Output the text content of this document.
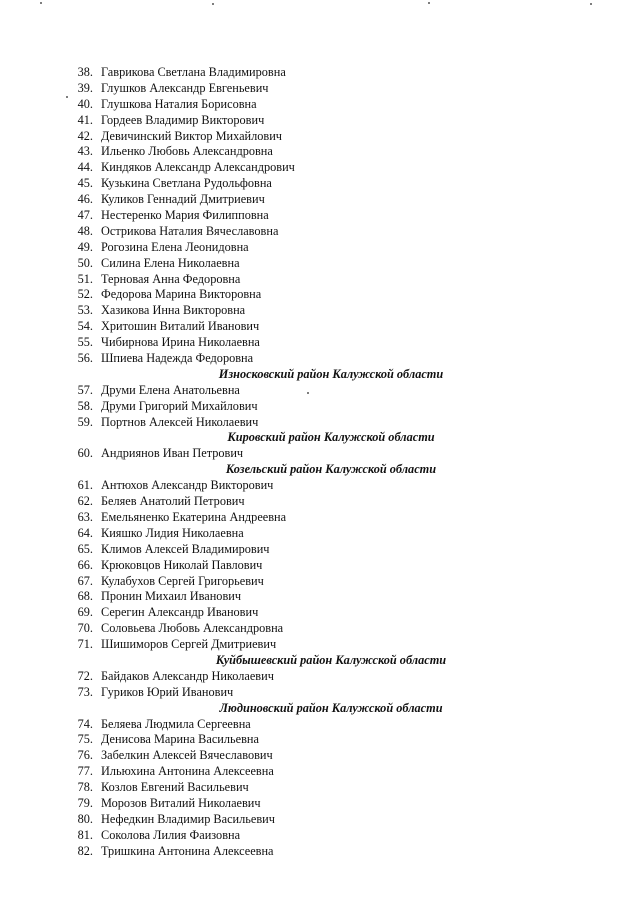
38. Гаврикова Светлана Владимировна
39. Глушков Александр Евгеньевич
40. Глушкова Наталия Борисовна
41. Гордеев Владимир Викторович
42. Девичинский Виктор Михайлович
43. Ильенко Любовь Александровна
44. Киндяков Александр Александрович
45. Кузькина Светлана Рудольфовна
46. Куликов Геннадий Дмитриевич
47. Нестеренко Мария Филипповна
48. Острикова Наталия Вячеславовна
49. Рогозина Елена Леонидовна
50. Силина Елена Николаевна
51. Терновая Анна Федоровна
52. Федорова Марина Викторовна
53. Хазикова Инна Викторовна
54. Хритошин Виталий Иванович
55. Чибирнова Ирина Николаевна
56. Шпиева Надежда Федоровна
Износковский район Калужской области
57. Друми Елена Анатольевна
58. Друми Григорий Михайлович
59. Портнов Алексей Николаевич
Кировский район Калужской области
60. Андриянов Иван Петрович
Козельский район Калужской области
61. Антюхов Александр Викторович
62. Беляев Анатолий Петрович
63. Емельяненко Екатерина Андреевна
64. Кияшко Лидия Николаевна
65. Климов Алексей Владимирович
66. Крюковцов Николай Павлович
67. Кулабухов Сергей Григорьевич
68. Пронин Михаил Иванович
69. Серегин Александр Иванович
70. Соловьева Любовь Александровна
71. Шишиморов Сергей Дмитриевич
Куйбышевский район Калужской области
72. Байдаков Александр Николаевич
73. Гуриков Юрий Иванович
Людиновский район Калужской области
74. Беляева Людмила Сергеевна
75. Денисова Марина Васильевна
76. Забелкин Алексей Вячеславович
77. Ильюхина Антонина Алексеевна
78. Козлов Евгений Васильевич
79. Морозов Виталий Николаевич
80. Нефедкин Владимир Васильевич
81. Соколова Лилия Фаизовна
82. Тришкина Антонина Алексеевна
